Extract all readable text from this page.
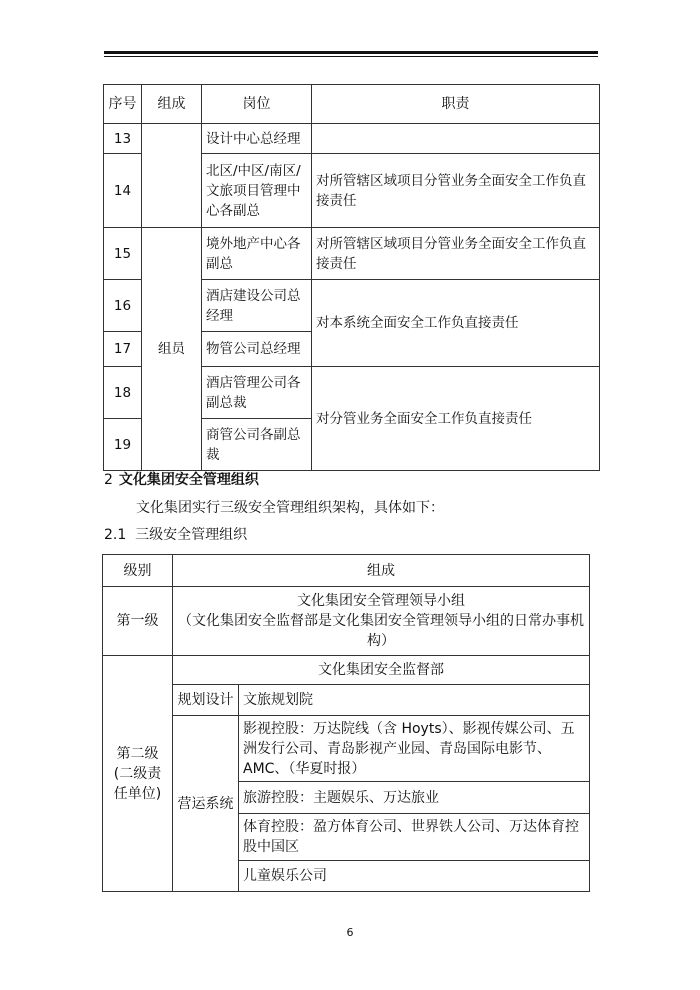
序号	组成	岗位	职责
13		设计中心总经理	
14		北区/中区/南区/文旅项目管理中心各副总	对所管辖区域项目分管业务全面安全工作负直接责任
15	组员	境外地产中心各副总	对所管辖区域项目分管业务全面安全工作负直接责任
16		酒店建设公司总经理	对本系统全面安全工作负直接责任
17		物管公司总经理	
18		酒店管理公司各副总裁	对分管业务全面安全工作负直接责任
19		商管公司各副总裁	
2 文化集团安全管理组织
文化集团实行三级安全管理组织架构，具体如下：
2.1 三级安全管理组织
级别	组成	
第一级	文化集团安全管理领导小组
（文化集团安全监督部是文化集团安全管理领导小组的日常办事机构）	

第二级(二级责任单位)	文化集团安全监督部	
	规划设计	文旅规划院
	营运系统	影视控股：万达院线（含 Hoyts）、影视传媒公司、五洲发行公司、青岛影视产业园、青岛国际电影节、AMC、（华夏时报）
		旅游控股：主题娱乐、万达旅业
		体育控股：盈方体育公司、世界铁人公司、万达体育控股中国区
		儿童娱乐公司
6
